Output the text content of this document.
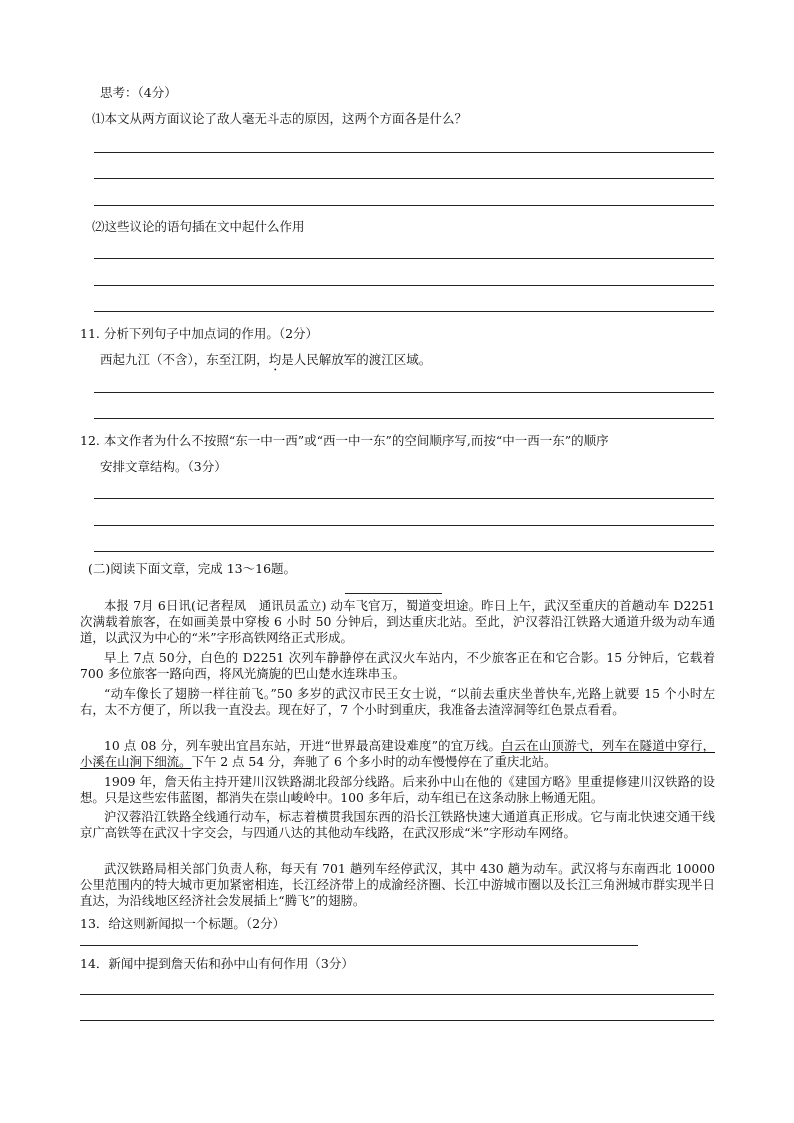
思考：（4分）
⑴本文从两方面议论了敌人毫无斗志的原因，这两个方面各是什么？
⑵这些议论的语句插在文中起什么作用
11. 分析下列句子中加点词的作用。（2分）
西起九江（不含），东至江阴，均是人民解放军的渡江区域。
12. 本文作者为什么不按照“东一中一西”或“西一中一东”的空间顺序写,而按“中一西一东”的顺序
安排文章结构。（3分）
(二)阅读下面文章，完成 13～16题。
本报 7月 6日讯(记者程凤　通讯员孟立) 动车飞官万，蜀道变坦途。昨日上午，武汉至重庆的首趟动车 D2251 次满载着旅客，在如画美景中穿梭 6 小时 50 分钟后，到达重庆北站。至此，沪汉蓉沿江铁路大通道升级为动车通道，以武汉为中心的“米”字形高铁网络正式形成。
早上 7点 50分，白色的 D2251 次列车静静停在武汉火车站内，不少旅客正在和它合影。15 分钟后，它载着 700 多位旅客一路向西，将风光旖旎的巴山楚水连珠串玉。
“动车像长了翅膀一样往前飞。”50 多岁的武汉市民王女士说，“以前去重庆坐普快车,光路上就要 15 个小时左右，太不方便了，所以我一直没去。现在好了，7 个小时到重庆，我准备去渣滓洞等红色景点看看。
10 点 08 分，列车驶出宜昌东站，开进“世界最高建设难度”的宜万线。白云在山顶游弋，列车在隧道中穿行，小溪在山涧下细流。下午 2 点 54 分，奔驰了 6 个多小时的动车慢慢停在了重庆北站。
1909 年，詹天佑主持开建川汉铁路湖北段部分线路。后来孙中山在他的《建国方略》里重提修建川汉铁路的设想。只是这些宏伟蓝图，都消失在崇山峻岭中。100 多年后，动车组已在这条动脉上畅通无阻。
沪汉蓉沿江铁路全线通行动车，标志着横贯我国东西的沿长江铁路快速大通道真正形成。它与南北快速交通干线京广高铁等在武汉十字交会，与四通八达的其他动车线路，在武汉形成“米”字形动车网络。
武汉铁路局相关部门负责人称，每天有 701 趟列车经停武汉，其中 430 趟为动车。武汉将与东南西北 10000 公里范围内的特大城市更加紧密相连，长江经济带上的成渝经济圈、长江中游城市圈以及长江三角洲城市群实现半日直达，为沿线地区经济社会发展插上“腾飞”的翅膀。
13．给这则新闻拟一个标题。（2分）
14．新闻中提到詹天佑和孙中山有何作用（3分）
